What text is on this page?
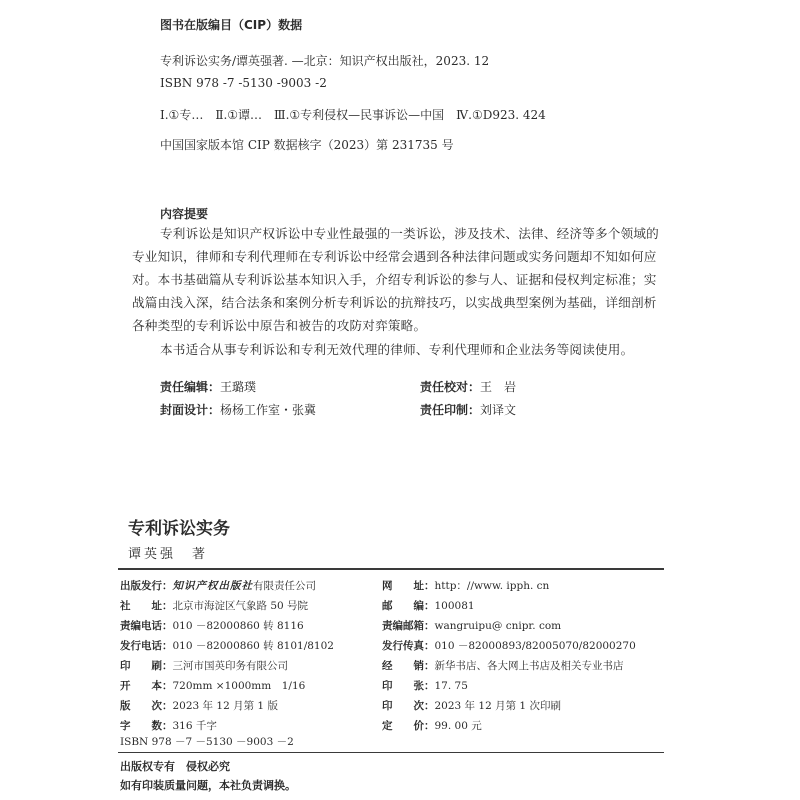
图书在版编目（CIP）数据
专利诉讼实务/谭英强著. —北京：知识产权出版社，2023. 12
ISBN 978 -7 -5130 -9003 -2
Ⅰ.①专…　Ⅱ.①谭…　Ⅲ.①专利侵权—民事诉讼—中国　Ⅳ.①D923. 424
中国国家版本馆 CIP 数据核字（2023）第 231735 号
内容提要
专利诉讼是知识产权诉讼中专业性最强的一类诉讼，涉及技术、法律、经济等多个领域的专业知识，律师和专利代理师在专利诉讼中经常会遇到各种法律问题或实务问题却不知如何应对。本书基础篇从专利诉讼基本知识入手，介绍专利诉讼的参与人、证据和侵权判定标准；实战篇由浅入深，结合法条和案例分析专利诉讼的抗辩技巧，以实战典型案例为基础，详细剖析各种类型的专利诉讼中原告和被告的攻防对弈策略。
本书适合从事专利诉讼和专利无效代理的律师、专利代理师和企业法务等阅读使用。
责任编辑：王璐璞	责任校对：王　岩
封面设计：杨杨工作室・张冀	责任印制：刘译文
专利诉讼实务
谭英强　著
出版发行：知识产权出版社有限责任公司	网　　址：http：//www. ipph. cn
社　　址：北京市海淀区气象路 50 号院	邮　　编：100081
责编电话：010 －82000860 转 8116	责编邮箱：wangruipu@ cnipr. com
发行电话：010 －82000860 转 8101/8102	发行传真：010 －82000893/82005070/82000270
印　　刷：三河市国英印务有限公司	经　　销：新华书店、各大网上书店及相关专业书店
开　　本：720mm ×1000mm　1/16	印　　张：17. 75
版　　次：2023 年 12 月第 1 版	印　　次：2023 年 12 月第 1 次印刷
字　　数：316 千字	定　　价：99. 00 元
ISBN 978 －7 －5130 －9003 －2
出版权专有　侵权必究
如有印装质量问题，本社负责调换。
